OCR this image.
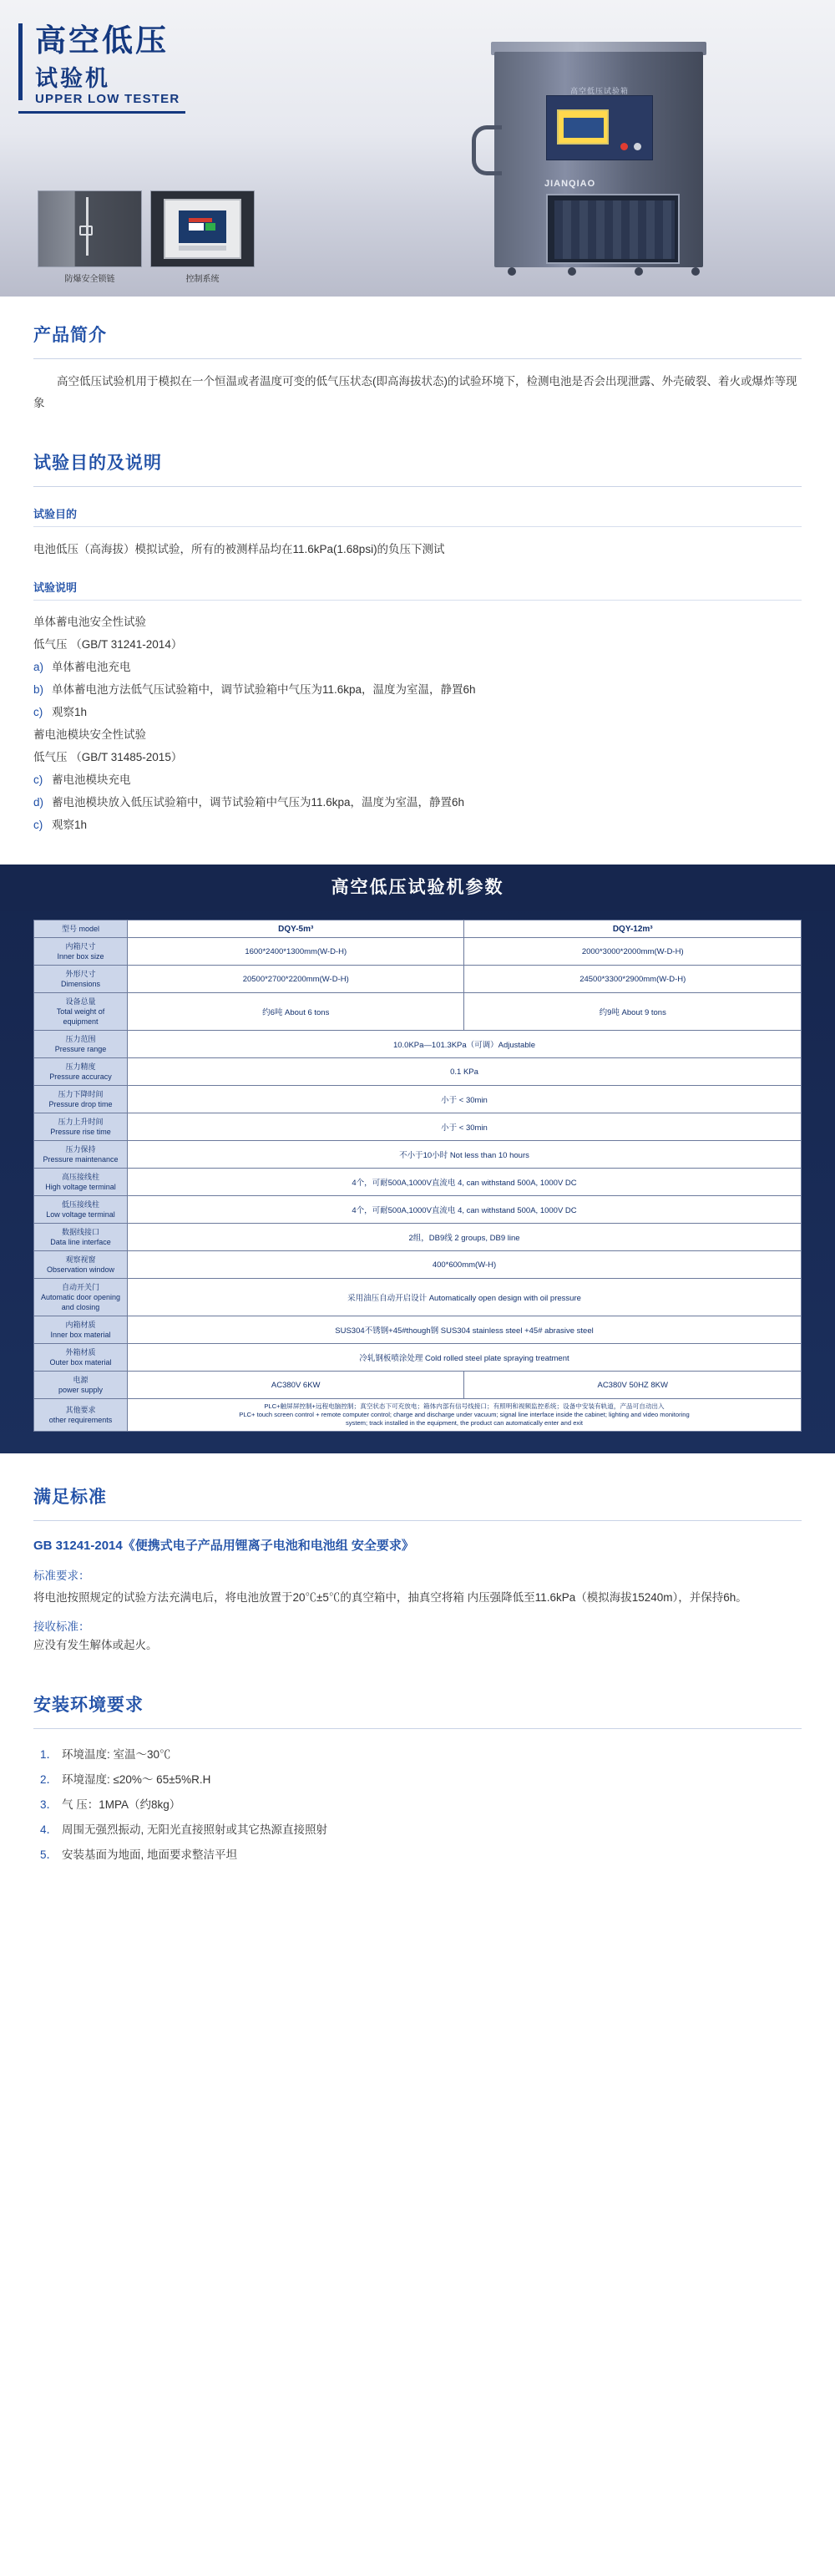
高空低压
试验机
UPPER LOW TESTER
防爆安全锁链	控制系统
高空低压试验箱

JIANQIAO
产品简介
高空低压试验机用于模拟在一个恒温或者温度可变的低气压状态(即高海拔状态)的试验环境下，检测电池是否会出现泄露、外壳破裂、着火或爆炸等现象
试验目的及说明
试验目的
电池低压（高海拔）模拟试验，所有的被测样品均在11.6kPa(1.68psi)的负压下测试
试验说明
单体蓄电池安全性试验
低气压 （GB/T 31241-2014）
a) 单体蓄电池充电
b) 单体蓄电池方法低气压试验箱中，调节试验箱中气压为11.6kpa，温度为室温，静置6h
c) 观察1h
蓄电池模块安全性试验
低气压 （GB/T 31485-2015）
c) 蓄电池模块充电
d) 蓄电池模块放入低压试验箱中，调节试验箱中气压为11.6kpa，温度为室温，静置6h
c) 观察1h
高空低压试验机参数
型号 model	DQY-5m³	DQY-12m³
内箱尺寸
Inner box size	1600*2400*1300mm(W-D-H)	2000*3000*2000mm(W-D-H)
外形尺寸
Dimensions	20500*2700*2200mm(W-D-H)	24500*3300*2900mm(W-D-H)
设备总量
Total weight of equipment	约6吨 About 6 tons	约9吨 About 9 tons
压力范围
Pressure range	10.0KPa—101.3KPa（可调）Adjustable	
压力精度
Pressure accuracy	0.1 KPa	
压力下降时间
Pressure drop time	小于 < 30min	
压力上升时间
Pressure rise time	小于 < 30min	
压力保持
Pressure maintenance	不小于10小时 Not less than 10 hours	
高压接线柱
High voltage terminal	4个，可耐500A,1000V直流电 4, can withstand 500A, 1000V DC	
低压接线柱
Low voltage terminal	4个，可耐500A,1000V直流电 4, can withstand 500A, 1000V DC	
数据线接口
Data line interface	2组，DB9线 2 groups, DB9 line	
观察视窗
Observation window	400*600mm(W-H)	
自动开关门
Automatic door opening and closing	采用油压自动开启设计 Automatically open design with oil pressure	
内箱材质
Inner box material	SUS304不锈钢+45#though钢 SUS304 stainless steel +45# abrasive steel	
外箱材质
Outer box material	冷轧钢板喷涂处理 Cold rolled steel plate spraying treatment	
电源
power supply	AC380V 6KW	AC380V 50HZ 8KW
其他要求
other requirements	PLC+触屏屏控制+远程电脑控制；真空状态下可充放电；箱体内部有信号线接口；有照明和视频监控系统；设备中安装有轨道，产品可自动出入
PLC+ touch screen control + remote computer control; charge and discharge under vacuum; signal line interface inside the cabinet; lighting and video monitoring
system; track installed in the equipment, the product can automatically enter and exit	
满足标准
GB 31241-2014《便携式电子产品用锂离子电池和电池组 安全要求》
标准要求：
将电池按照规定的试验方法充满电后，将电池放置于20℃±5℃的真空箱中，抽真空将箱 内压强降低至11.6kPa（模拟海拔15240m），并保持6h。
接收标准：
应没有发生解体或起火。
安装环境要求
1． 环境温度: 室温～30℃
2． 环境湿度: ≤20%～ 65±5%R.H
3． 气 压：1MPA（约8kg）
4． 周围无强烈振动, 无阳光直接照射或其它热源直接照射
5． 安装基面为地面, 地面要求整洁平坦
